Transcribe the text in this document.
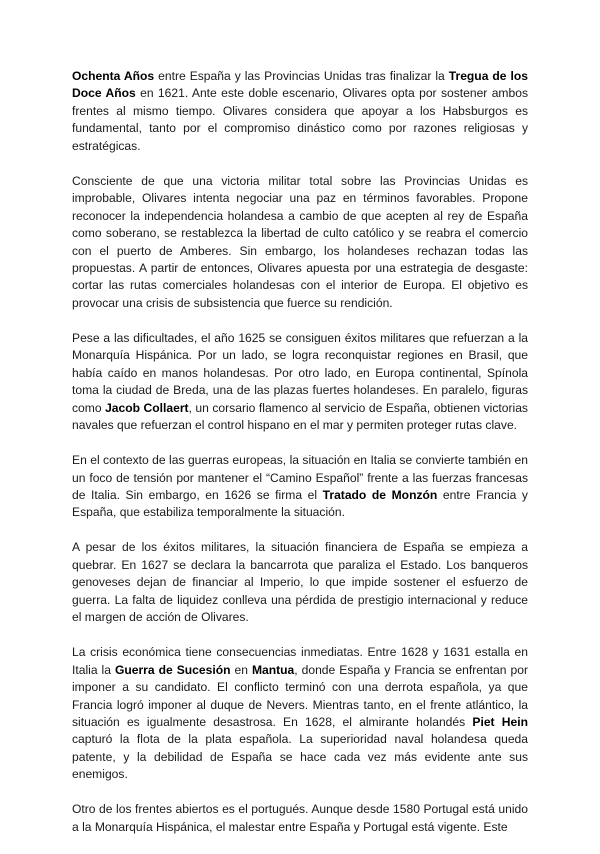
Ochenta Años entre España y las Provincias Unidas tras finalizar la Tregua de los Doce Años en 1621. Ante este doble escenario, Olivares opta por sostener ambos frentes al mismo tiempo. Olivares considera que apoyar a los Habsburgos es fundamental, tanto por el compromiso dinástico como por razones religiosas y estratégicas.

Consciente de que una victoria militar total sobre las Provincias Unidas es improbable, Olivares intenta negociar una paz en términos favorables. Propone reconocer la independencia holandesa a cambio de que acepten al rey de España como soberano, se restablezca la libertad de culto católico y se reabra el comercio con el puerto de Amberes. Sin embargo, los holandeses rechazan todas las propuestas. A partir de entonces, Olivares apuesta por una estrategia de desgaste: cortar las rutas comerciales holandesas con el interior de Europa. El objetivo es provocar una crisis de subsistencia que fuerce su rendición.

Pese a las dificultades, el año 1625 se consiguen éxitos militares que refuerzan a la Monarquía Hispánica. Por un lado, se logra reconquistar regiones en Brasil, que había caído en manos holandesas. Por otro lado, en Europa continental, Spínola toma la ciudad de Breda, una de las plazas fuertes holandeses. En paralelo, figuras como Jacob Collaert, un corsario flamenco al servicio de España, obtienen victorias navales que refuerzan el control hispano en el mar y permiten proteger rutas clave.

En el contexto de las guerras europeas, la situación en Italia se convierte también en un foco de tensión por mantener el “Camino Español” frente a las fuerzas francesas de Italia. Sin embargo, en 1626 se firma el Tratado de Monzón entre Francia y España, que estabiliza temporalmente la situación.

A pesar de los éxitos militares, la situación financiera de España se empieza a quebrar. En 1627 se declara la bancarrota que paraliza el Estado. Los banqueros genoveses dejan de financiar al Imperio, lo que impide sostener el esfuerzo de guerra. La falta de liquidez conlleva una pérdida de prestigio internacional y reduce el margen de acción de Olivares.

La crisis económica tiene consecuencias inmediatas. Entre 1628 y 1631 estalla en Italia la Guerra de Sucesión en Mantua, donde España y Francia se enfrentan por imponer a su candidato. El conflicto terminó con una derrota española, ya que Francia logró imponer al duque de Nevers. Mientras tanto, en el frente atlántico, la situación es igualmente desastrosa. En 1628, el almirante holandés Piet Hein capturó la flota de la plata española. La superioridad naval holandesa queda patente, y la debilidad de España se hace cada vez más evidente ante sus enemigos.

Otro de los frentes abiertos es el portugués. Aunque desde 1580 Portugal está unido a la Monarquía Hispánica, el malestar entre España y Portugal está vigente. Este
